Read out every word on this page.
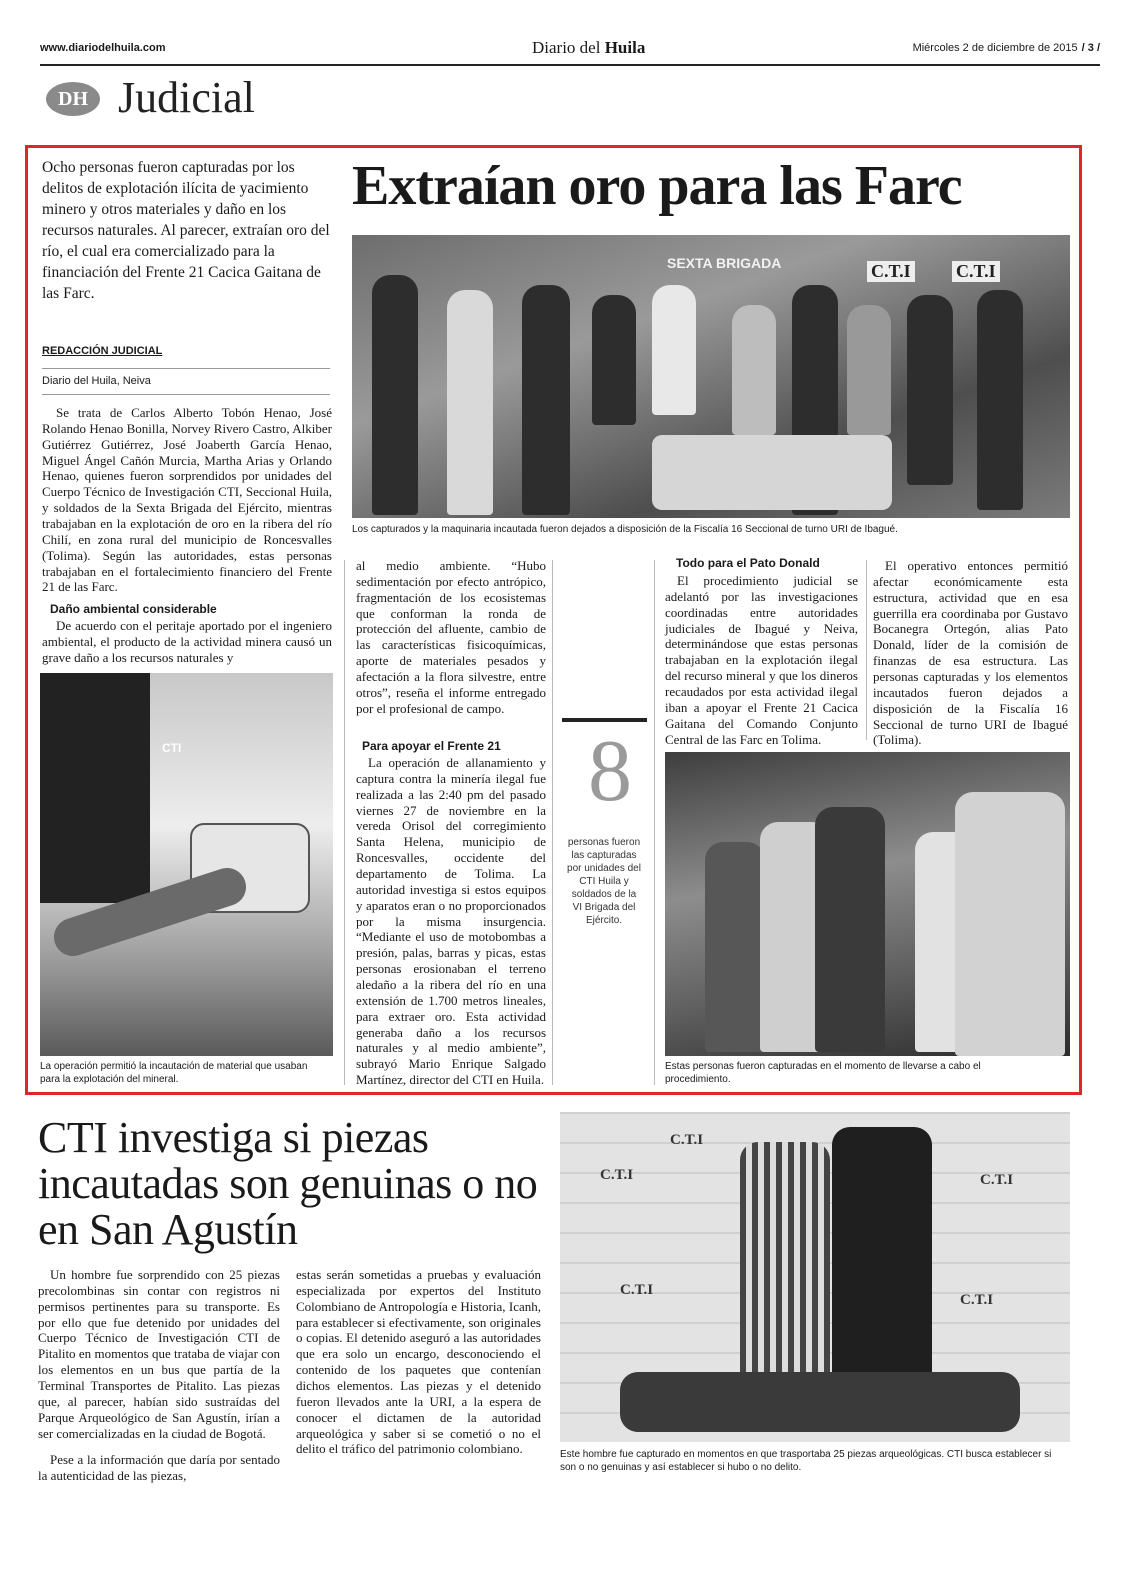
www.diariodelhuila.com	Diario del Huila	Miércoles 2 de diciembre de 2015 / 3 /
DH Judicial
Ocho personas fueron capturadas por los delitos de explotación ilícita de yacimiento minero y otros materiales y daño en los recursos naturales. Al parecer, extraían oro del río, el cual era comercializado para la financiación del Frente 21 Cacica Gaitana de las Farc.
Extraían oro para las Farc
REDACCIÓN JUDICIAL
Diario del Huila, Neiva
SEXTA BRIGADA	C.T.I	C.T.I
Los capturados y la maquinaria incautada fueron dejados a disposición de la Fiscalía 16 Seccional de turno URI de Ibagué.
Se trata de Carlos Alberto Tobón Henao, José Rolando Henao Bonilla, Norvey Rivero Castro, Alkiber Gutiérrez Gutiérrez, José Joaberth García Henao, Miguel Ángel Cañón Murcia, Martha Arias y Orlando Henao, quienes fueron sorprendidos por unidades del Cuerpo Técnico de Investigación CTI, Seccional Huila, y soldados de la Sexta Brigada del Ejército, mientras trabajaban en la explotación de oro en la ribera del río Chilí, en zona rural del municipio de Roncesvalles (Tolima). Según las autoridades, estas personas trabajaban en el fortalecimiento financiero del Frente 21 de las Farc.
Daño ambiental considerable
De acuerdo con el peritaje aportado por el ingeniero ambiental, el producto de la actividad minera causó un grave daño a los recursos naturales y
CTI
La operación permitió la incautación de material que usaban para la explotación del mineral.
al medio ambiente. “Hubo sedimentación por efecto antrópico, fragmentación de los ecosistemas que conforman la ronda de protección del afluente, cambio de las características fisicoquímicas, aporte de materiales pesados y afectación a la flora silvestre, entre otros”, reseña el informe entregado por el profesional de campo.
Para apoyar el Frente 21
La operación de allanamiento y captura contra la minería ilegal fue realizada a las 2:40 pm del pasado viernes 27 de noviembre en la vereda Orisol del corregimiento Santa Helena, municipio de Roncesvalles, occidente del departamento de Tolima. La autoridad investiga si estos equipos y aparatos eran o no proporcionados por la misma insurgencia. “Mediante el uso de motobombas a presión, palas, barras y picas, estas personas erosionaban el terreno aledaño a la ribera del río en una extensión de 1.700 metros lineales, para extraer oro. Esta actividad generaba daño a los recursos naturales y al medio ambiente”, subrayó Mario Enrique Salgado Martínez, director del CTI en Huila.
8
personas fueron las capturadas por unidades del CTI Huila y soldados de la VI Brigada del Ejército.
Todo para el Pato Donald
El procedimiento judicial se adelantó por las investigaciones coordinadas entre autoridades judiciales de Ibagué y Neiva, determinándose que estas personas trabajaban en la explotación ilegal del recurso mineral y que los dineros recaudados por esta actividad ilegal iban a apoyar el Frente 21 Cacica Gaitana del Comando Conjunto Central de las Farc en Tolima.
El operativo entonces permitió afectar económicamente esta estructura, actividad que en esa guerrilla era coordinaba por Gustavo Bocanegra Ortegón, alias Pato Donald, líder de la comisión de finanzas de esa estructura. Las personas capturadas y los elementos incautados fueron dejados a disposición de la Fiscalía 16 Seccional de turno URI de Ibagué (Tolima).
Estas personas fueron capturadas en el momento de llevarse a cabo el procedimiento.
CTI investiga si piezas incautadas son genuinas o no en San Agustín
Un hombre fue sorprendido con 25 piezas precolombinas sin contar con registros ni permisos pertinentes para su transporte. Es por ello que fue detenido por unidades del Cuerpo Técnico de Investigación CTI de Pitalito en momentos que trataba de viajar con los elementos en un bus que partía de la Terminal Transportes de Pitalito. Las piezas que, al parecer, habían sido sustraídas del Parque Arqueológico de San Agustín, irían a ser comercializadas en la ciudad de Bogotá.
Pese a la información que daría por sentado la autenticidad de las piezas,
estas serán sometidas a pruebas y evaluación especializada por expertos del Instituto Colombiano de Antropología e Historia, Icanh, para establecer si efectivamente, son originales o copias. El detenido aseguró a las autoridades que era solo un encargo, desconociendo el contenido de los paquetes que contenían dichos elementos. Las piezas y el detenido fueron llevados ante la URI, a la espera de conocer el dictamen de la autoridad arqueológica y saber si se cometió o no el delito el tráfico del patrimonio colombiano.
C.T.I
C.T.I
C.T.I
C.T.I
C.T.I
Este hombre fue capturado en momentos en que trasportaba 25 piezas arqueológicas. CTI busca establecer si son o no genuinas y así establecer si hubo o no delito.
